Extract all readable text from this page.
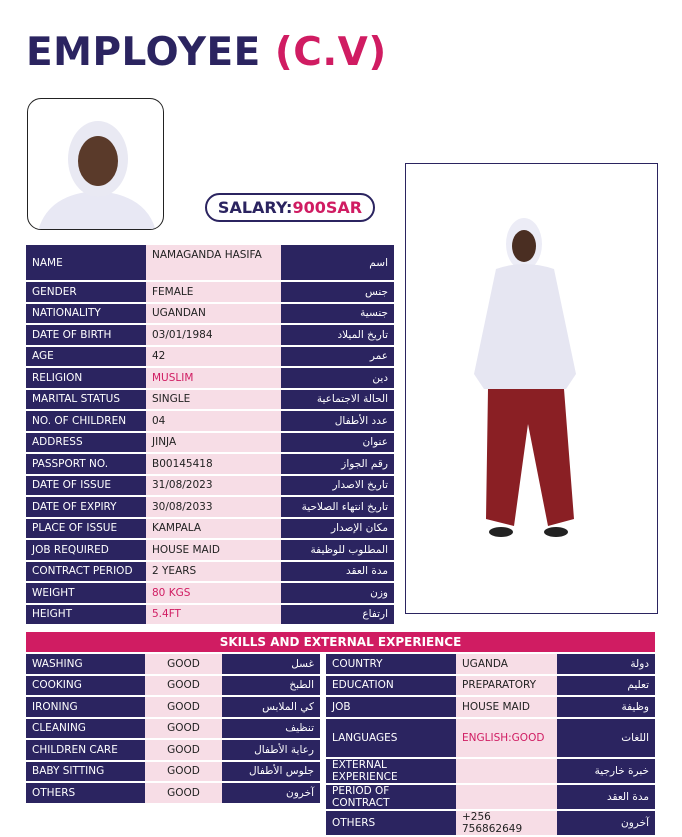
EMPLOYEE (C.V)
SALARY:900SAR
NAME	NAMAGANDA HASIFA	اسم
GENDER	FEMALE	جنس
NATIONALITY	UGANDAN	جنسية
DATE OF BIRTH	03/01/1984	تاريخ الميلاد
AGE	42	عمر
RELIGION	MUSLIM	دين
MARITAL STATUS	SINGLE	الحالة الاجتماعية
NO. OF CHILDREN	04	عدد الأطفال
ADDRESS	JINJA	عنوان
PASSPORT NO.	B00145418	رقم الجواز
DATE OF ISSUE	31/08/2023	تاريخ الاصدار
DATE OF EXPIRY	30/08/2033	تاريخ انتهاء الصلاحية
PLACE OF ISSUE	KAMPALA	مكان الإصدار
JOB REQUIRED	HOUSE MAID	المطلوب للوظيفة
CONTRACT PERIOD	2 YEARS	مدة العقد
WEIGHT	80 KGS	وزن
HEIGHT	5.4FT	ارتفاع
SKILLS AND EXTERNAL EXPERIENCE
WASHING	GOOD	غسل
COOKING	GOOD	الطبخ
IRONING	GOOD	كي الملابس
CLEANING	GOOD	تنظيف
CHILDREN CARE	GOOD	رعاية الأطفال
BABY SITTING	GOOD	جلوس الأطفال
OTHERS	GOOD	آخرون
COUNTRY	UGANDA	دولة
EDUCATION	PREPARATORY	تعليم
JOB	HOUSE MAID	وظيفة
LANGUAGES	ENGLISH:GOOD	اللغات
EXTERNAL EXPERIENCE		خبرة خارجية
PERIOD OF CONTRACT		مدة العقد
OTHERS	+256 756862649	آخرون
